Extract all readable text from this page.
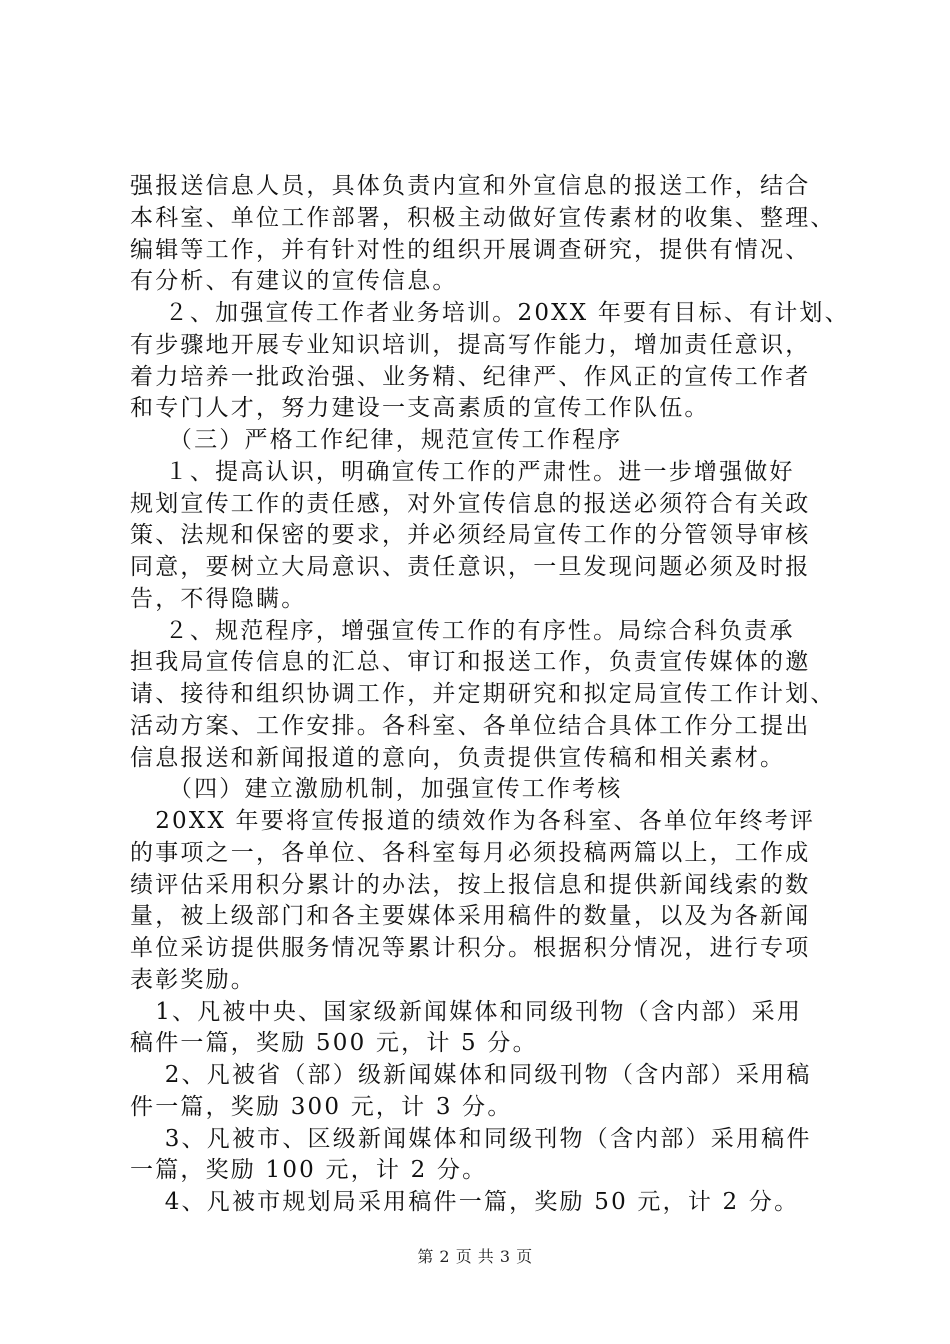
强报送信息人员，具体负责内宣和外宣信息的报送工作，结合
本科室、单位工作部署，积极主动做好宣传素材的收集、整理、
编辑等工作，并有针对性的组织开展调查研究，提供有情况、
有分析、有建议的宣传信息。
　 ２、加强宣传工作者业务培训。20XX 年要有目标、有计划、
有步骤地开展专业知识培训，提高写作能力，增加责任意识，
着力培养一批政治强、业务精、纪律严、作风正的宣传工作者
和专门人才，努力建设一支高素质的宣传工作队伍。
　　（三）严格工作纪律，规范宣传工作程序
　 １、提高认识，明确宣传工作的严肃性。进一步增强做好
规划宣传工作的责任感，对外宣传信息的报送必须符合有关政
策、法规和保密的要求，并必须经局宣传工作的分管领导审核
同意，要树立大局意识、责任意识，一旦发现问题必须及时报
告，不得隐瞒。
　 ２、规范程序，增强宣传工作的有序性。局综合科负责承
担我局宣传信息的汇总、审订和报送工作，负责宣传媒体的邀
请、接待和组织协调工作，并定期研究和拟定局宣传工作计划、
活动方案、工作安排。各科室、各单位结合具体工作分工提出
信息报送和新闻报道的意向，负责提供宣传稿和相关素材。
　　（四）建立激励机制，加强宣传工作考核
　20XX 年要将宣传报道的绩效作为各科室、各单位年终考评
的事项之一，各单位、各科室每月必须投稿两篇以上，工作成
绩评估采用积分累计的办法，按上报信息和提供新闻线索的数
量，被上级部门和各主要媒体采用稿件的数量，以及为各新闻
单位采访提供服务情况等累计积分。根据积分情况，进行专项
表彰奖励。
　1、凡被中央、国家级新闻媒体和同级刊物（含内部）采用
稿件一篇，奖励 500 元，计 5 分。
　 2、凡被省（部）级新闻媒体和同级刊物（含内部）采用稿
件一篇，奖励 300 元，计 3 分。
　 3、凡被市、区级新闻媒体和同级刊物（含内部）采用稿件
一篇，奖励 100 元，计 2 分。
　 4、凡被市规划局采用稿件一篇，奖励 50 元，计 2 分。
第 2 页 共 3 页
